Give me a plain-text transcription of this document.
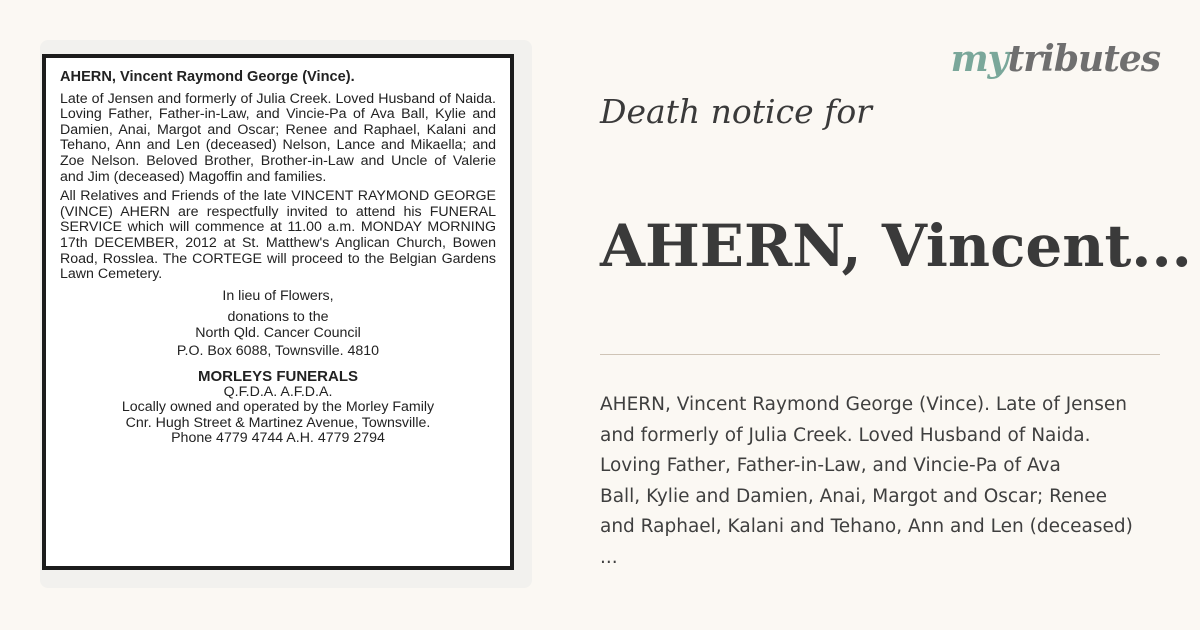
AHERN, Vincent Raymond George (Vince).

Late of Jensen and formerly of Julia Creek. Loved Husband of Naida. Loving Father, Father-in-Law, and Vincie-Pa of Ava Ball, Kylie and Damien, Anai, Margot and Oscar; Renee and Raphael, Kalani and Tehano, Ann and Len (deceased) Nelson, Lance and Mikaella; and Zoe Nelson. Beloved Brother, Brother-in-Law and Uncle of Valerie and Jim (deceased) Magoffin and families.

All Relatives and Friends of the late VINCENT RAYMOND GEORGE (VINCE) AHERN are respectfully invited to attend his FUNERAL SERVICE which will commence at 11.00 a.m. MONDAY MORNING 17th DECEMBER, 2012 at St. Matthew's Anglican Church, Bowen Road, Rosslea. The CORTEGE will proceed to the Belgian Gardens Lawn Cemetery.

In lieu of Flowers,
donations to the
North Qld. Cancer Council
P.O. Box 6088, Townsville. 4810
MORLEYS FUNERALS
Q.F.D.A. A.F.D.A.
Locally owned and operated by the Morley Family
Cnr. Hugh Street & Martinez Avenue, Townsville.
Phone 4779 4744 A.H. 4779 2794
mytributes
Death notice for
AHERN, Vincent...
AHERN, Vincent Raymond George (Vince). Late of Jensen
and formerly of Julia Creek. Loved Husband of Naida.
Loving Father, Father-in-Law, and Vincie-Pa of Ava
Ball, Kylie and Damien, Anai, Margot and Oscar; Renee
and Raphael, Kalani and Tehano, Ann and Len (deceased)
...
